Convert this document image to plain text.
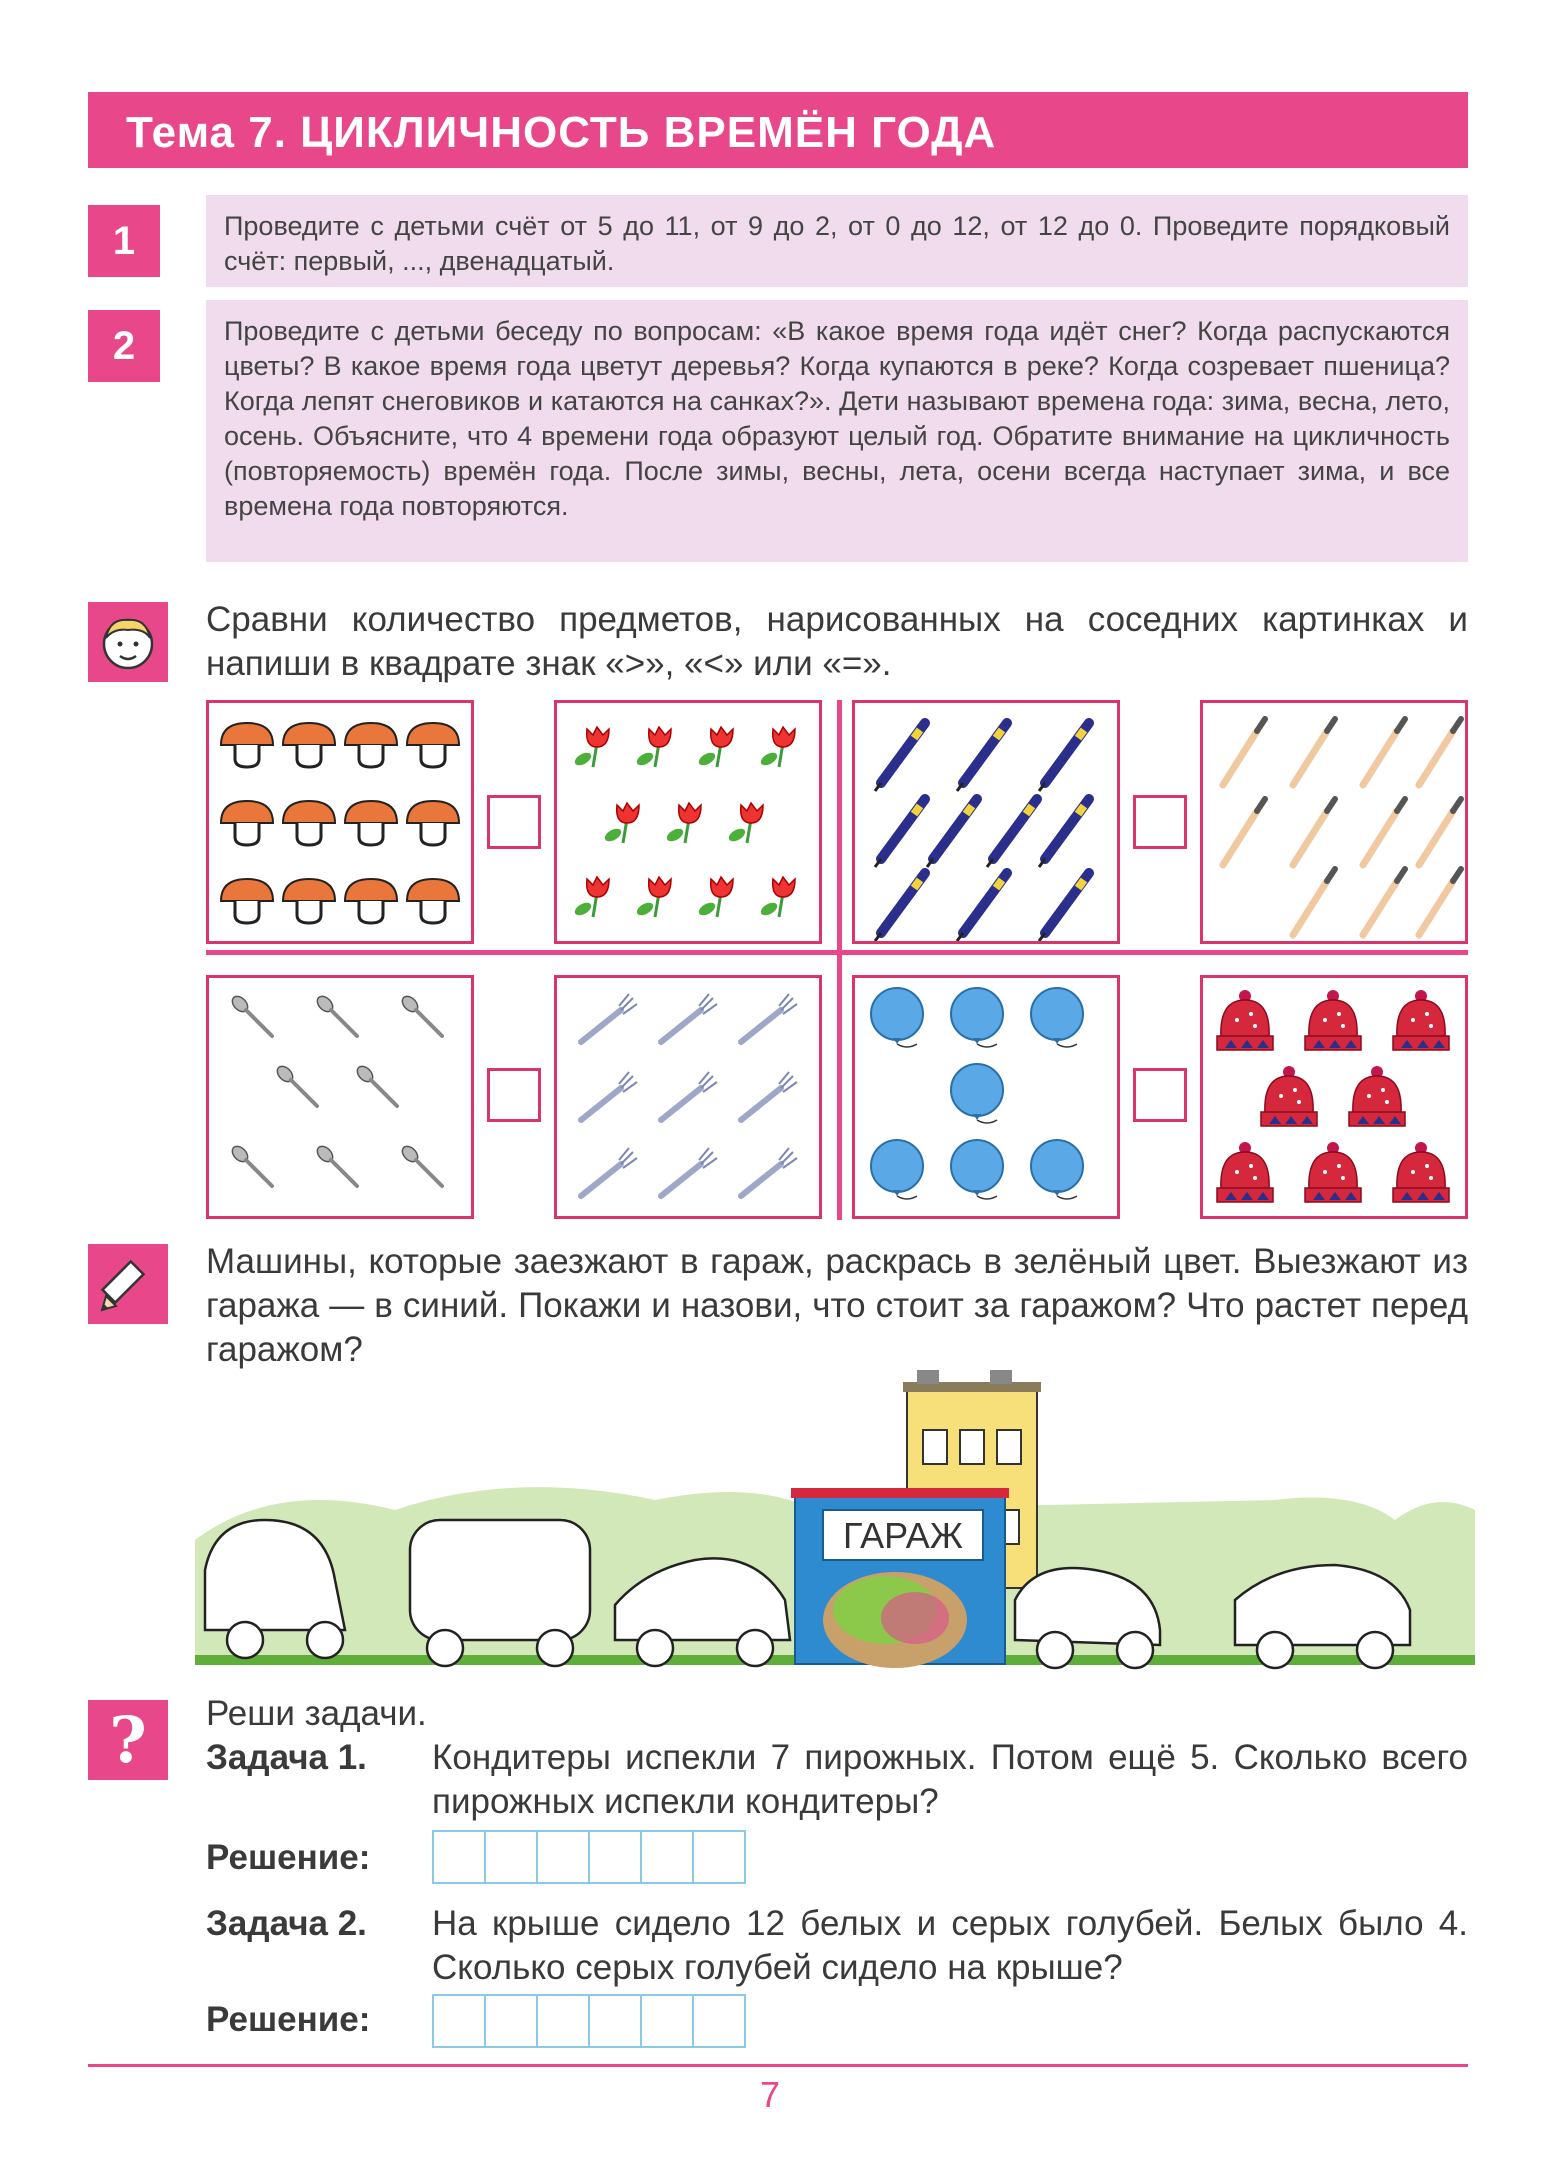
Тема 7. ЦИКЛИЧНОСТЬ ВРЕМЁН ГОДА
1	Проведите с детьми счёт от 5 до 11, от 9 до 2, от 0 до 12, от 12 до 0. Проведите порядковый счёт: первый, ..., двенадцатый.
2	Проведите с детьми беседу по вопросам: «В какое время года идёт снег? Когда распускаются цветы? В какое время года цветут деревья? Когда купаются в реке? Когда созревает пшеница? Когда лепят снеговиков и катаются на санках?». Дети называют времена года: зима, весна, лето, осень. Объясните, что 4 времени года образуют целый год. Обратите внимание на цикличность (повторяемость) времён года. После зимы, весны, лета, осени всегда наступает зима, и все времена года повторяются.
Сравни количество предметов, нарисованных на соседних картинках и напиши в квадрате знак «>», «<» или «=».
Машины, которые заезжают в гараж, раскрась в зелёный цвет. Выезжают из гаража — в синий. Покажи и назови, что стоит за гаражом? Что растет перед гаражом?
ГАРАЖ
? Реши задачи.
Задача 1. Кондитеры испекли 7 пирожных. Потом ещё 5. Сколько всего пирожных испекли кондитеры?
Решение:
Задача 2. На крыше сидело 12 белых и серых голубей. Белых было 4. Сколько серых голубей сидело на крыше?
Решение:
7
